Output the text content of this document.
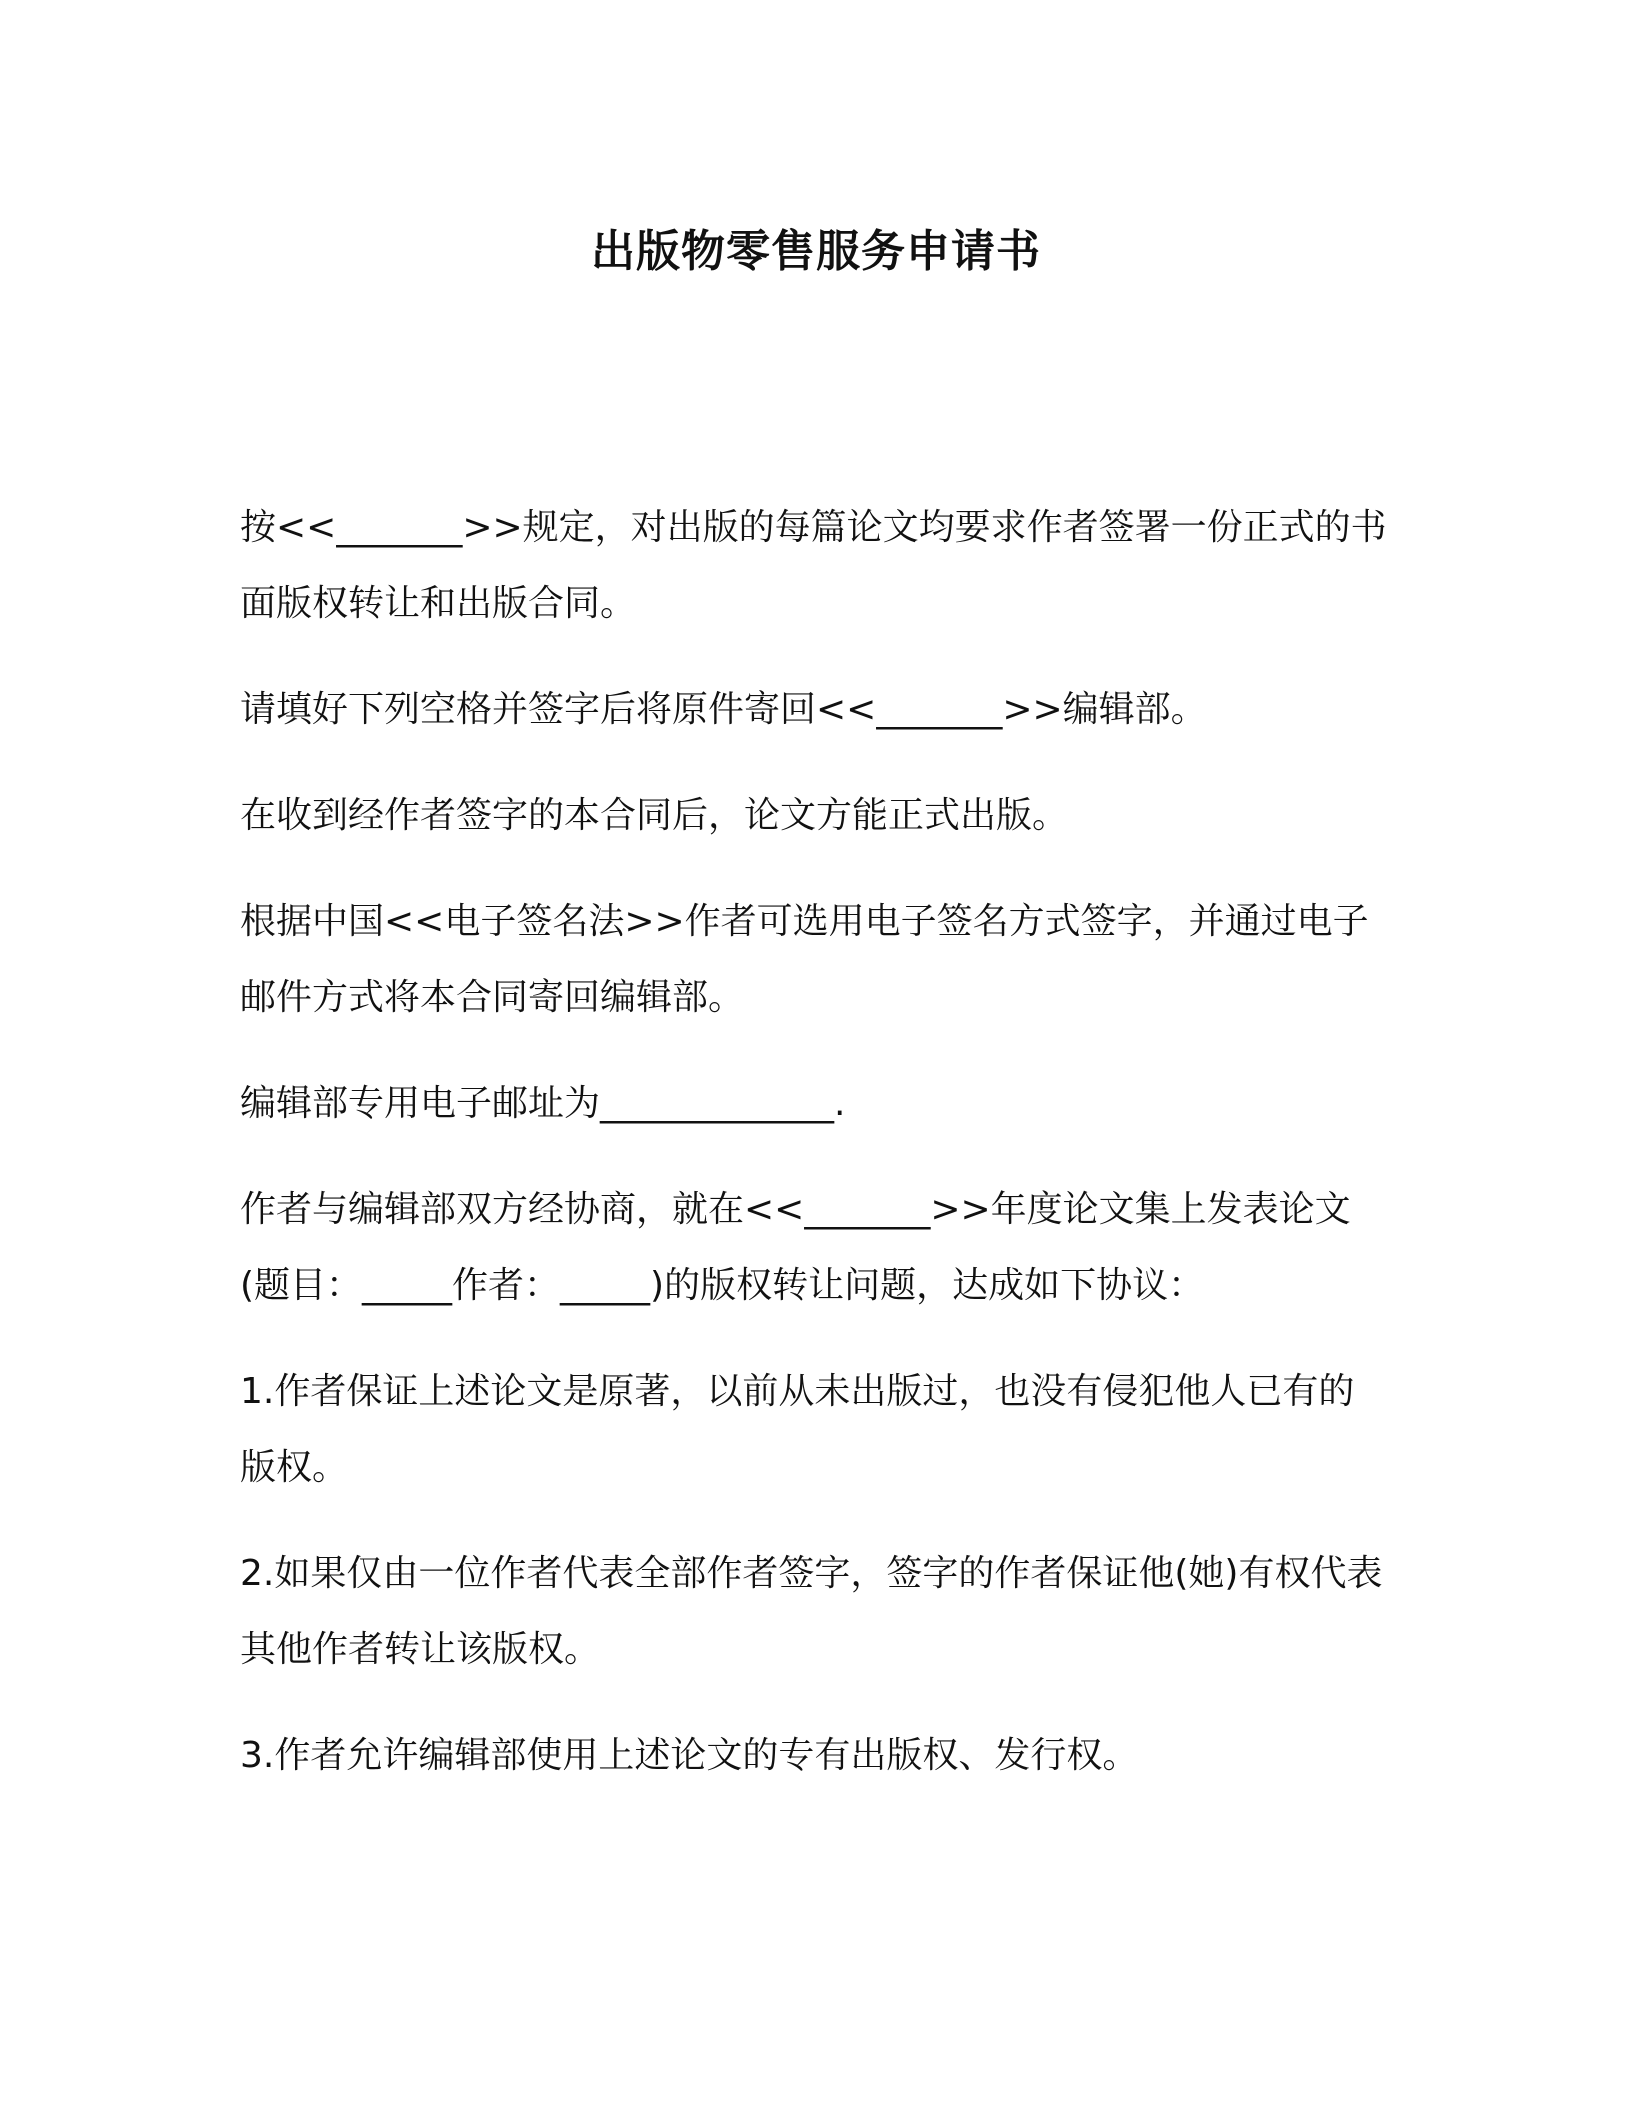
出版物零售服务申请书

按<<_______>>规定，对出版的每篇论文均要求作者签署一份正式的书面版权转让和出版合同。

请填好下列空格并签字后将原件寄回<<_______>>编辑部。

在收到经作者签字的本合同后，论文方能正式出版。

根据中国<<电子签名法>>作者可选用电子签名方式签字，并通过电子邮件方式将本合同寄回编辑部。

编辑部专用电子邮址为_____________.

作者与编辑部双方经协商，就在<<_______>>年度论文集上发表论文(题目：_____作者：_____)的版权转让问题，达成如下协议：

1.作者保证上述论文是原著，以前从未出版过，也没有侵犯他人已有的版权。

2.如果仅由一位作者代表全部作者签字，签字的作者保证他(她)有权代表其他作者转让该版权。

3.作者允许编辑部使用上述论文的专有出版权、发行权。
